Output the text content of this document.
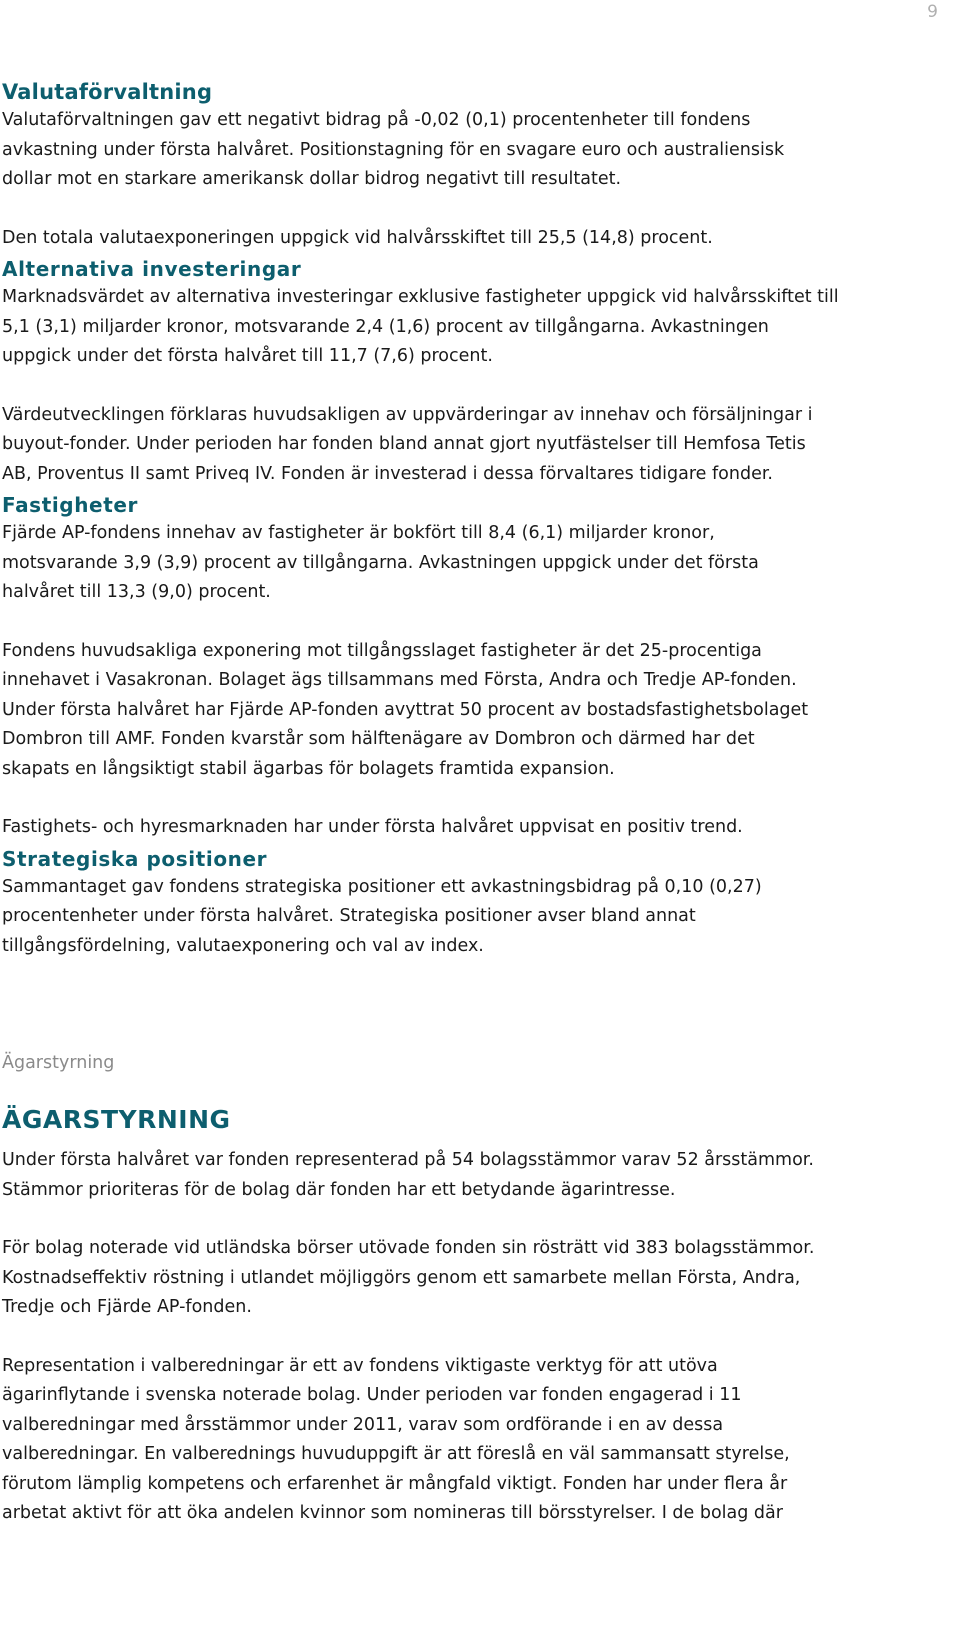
9
Valutaförvaltning

Valutaförvaltningen gav ett negativt bidrag på -0,02 (0,1) procentenheter till fondens

avkastning under första halvåret. Positionstagning för en svagare euro och australiensisk

dollar mot en starkare amerikansk dollar bidrog negativt till resultatet.

Den totala valutaexponeringen uppgick vid halvårsskiftet till 25,5 (14,8) procent.

Alternativa investeringar

Marknadsvärdet av alternativa investeringar exklusive fastigheter uppgick vid halvårsskiftet till

5,1 (3,1) miljarder kronor, motsvarande 2,4 (1,6) procent av tillgångarna. Avkastningen

uppgick under det första halvåret till 11,7 (7,6) procent.

Värdeutvecklingen förklaras huvudsakligen av uppvärderingar av innehav och försäljningar i

buyout-fonder. Under perioden har fonden bland annat gjort nyutfästelser till Hemfosa Tetis

AB, Proventus II samt Priveq IV. Fonden är investerad i dessa förvaltares tidigare fonder.

Fastigheter

Fjärde AP-fondens innehav av fastigheter är bokfört till 8,4 (6,1) miljarder kronor,

motsvarande 3,9 (3,9) procent av tillgångarna. Avkastningen uppgick under det första

halvåret till 13,3 (9,0) procent.

Fondens huvudsakliga exponering mot tillgångsslaget fastigheter är det 25-procentiga

innehavet i Vasakronan. Bolaget ägs tillsammans med Första, Andra och Tredje AP-fonden.

Under första halvåret har Fjärde AP-fonden avyttrat 50 procent av bostadsfastighetsbolaget

Dombron till AMF. Fonden kvarstår som hälftenägare av Dombron och därmed har det

skapats en långsiktigt stabil ägarbas för bolagets framtida expansion.

Fastighets- och hyresmarknaden har under första halvåret uppvisat en positiv trend.

Strategiska positioner

Sammantaget gav fondens strategiska positioner ett avkastningsbidrag på 0,10 (0,27)

procentenheter under första halvåret. Strategiska positioner avser bland annat

tillgångsfördelning, valutaexponering och val av index.

Ägarstyrning
ÄGARSTYRNING

Under första halvåret var fonden representerad på 54 bolagsstämmor varav 52 årsstämmor.

Stämmor prioriteras för de bolag där fonden har ett betydande ägarintresse.

För bolag noterade vid utländska börser utövade fonden sin rösträtt vid 383 bolagsstämmor.

Kostnadseffektiv röstning i utlandet möjliggörs genom ett samarbete mellan Första, Andra,

Tredje och Fjärde AP-fonden.

Representation i valberedningar är ett av fondens viktigaste verktyg för att utöva

ägarinflytande i svenska noterade bolag. Under perioden var fonden engagerad i 11

valberedningar med årsstämmor under 2011, varav som ordförande i en av dessa

valberedningar. En valberednings huvuduppgift är att föreslå en väl sammansatt styrelse,

förutom lämplig kompetens och erfarenhet är mångfald viktigt. Fonden har under flera år

arbetat aktivt för att öka andelen kvinnor som nomineras till börsstyrelser. I de bolag där
